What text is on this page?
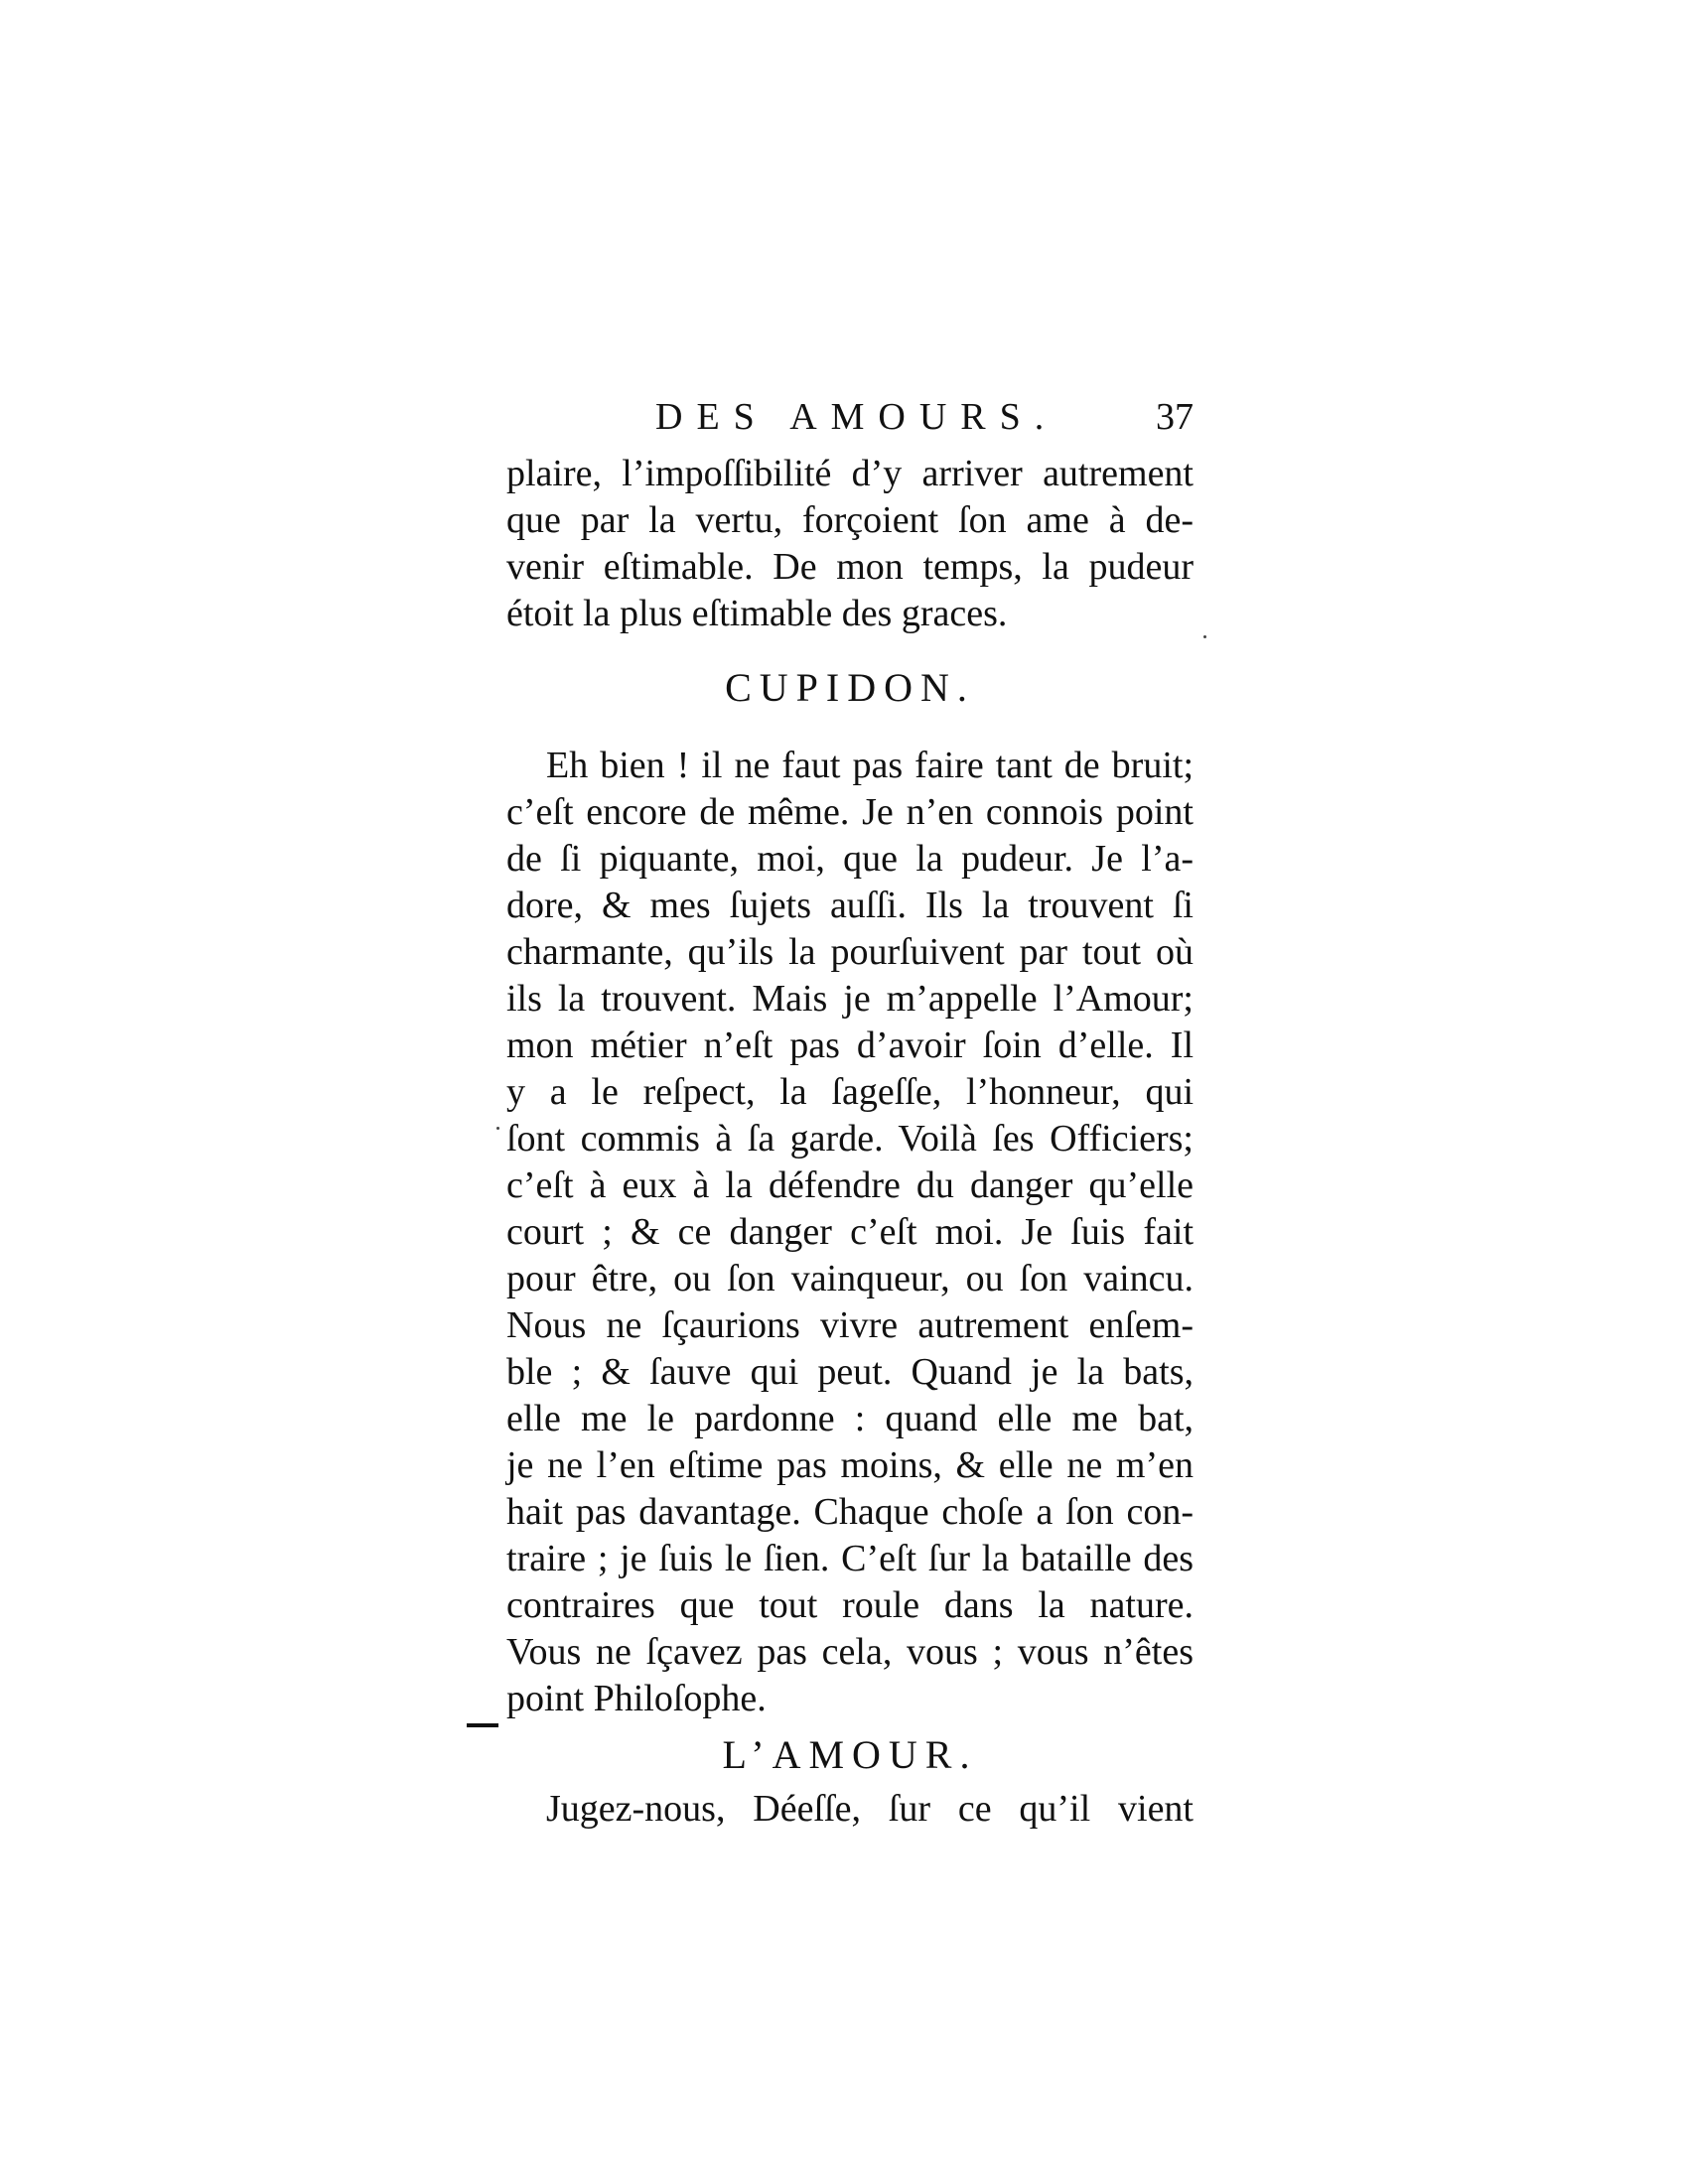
DES AMOURS.	37
plaire, l’impoſſibilité d’y arriver autrement
que par la vertu, forçoient ſon ame à de-
venir eſtimable. De mon temps, la pudeur
étoit la plus eſtimable des graces.
CUPIDON.
Eh bien ! il ne faut pas faire tant de bruit;
c’eſt encore de même. Je n’en connois point
de ſi piquante, moi, que la pudeur. Je l’a-
dore, & mes ſujets auſſi. Ils la trouvent ſi
charmante, qu’ils la pourſuivent par tout où
ils la trouvent. Mais je m’appelle l’Amour;
mon métier n’eſt pas d’avoir ſoin d’elle. Il
y a le reſpect, la ſageſſe, l’honneur, qui
ſont commis à ſa garde. Voilà ſes Officiers;
c’eſt à eux à la défendre du danger qu’elle
court ; & ce danger c’eſt moi. Je ſuis fait
pour être, ou ſon vainqueur, ou ſon vaincu.
Nous ne ſçaurions vivre autrement enſem-
ble ; & ſauve qui peut. Quand je la bats,
elle me le pardonne : quand elle me bat,
je ne l’en eſtime pas moins, & elle ne m’en
hait pas davantage. Chaque choſe a ſon con-
traire ; je ſuis le ſien. C’eſt ſur la bataille des
contraires que tout roule dans la nature.
Vous ne ſçavez pas cela, vous ; vous n’êtes
point Philoſophe.
L’AMOUR.
Jugez-nous, Déeſſe, ſur ce qu’il vient
